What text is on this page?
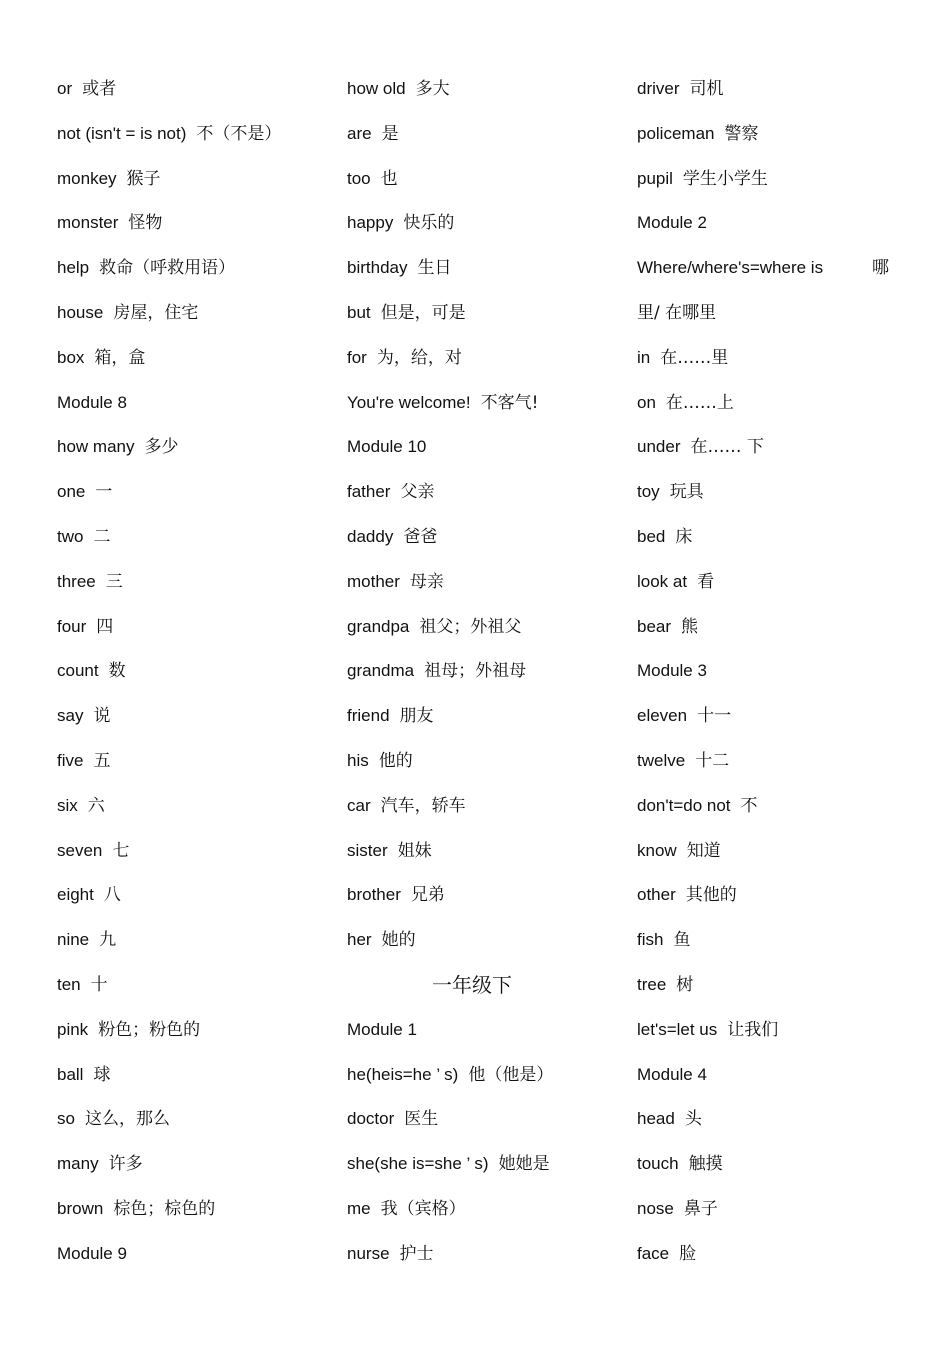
or 或者
not (isn't = is not) 不（不是）
monkey 猴子
monster 怪物
help 救命（呼救用语）
house 房屋，住宅
box 箱，盒
Module 8
how many 多少
one 一
two 二
three 三
four 四
count 数
say 说
five 五
six 六
seven 七
eight 八
nine 九
ten 十
pink 粉色；粉色的
ball 球
so 这么，那么
many 许多
brown 棕色；棕色的
Module 9
how old 多大
are 是
too 也
happy 快乐的
birthday 生日
but 但是，可是
for 为，给，对
You're welcome! 不客气!
Module 10
father 父亲
daddy 爸爸
mother 母亲
grandpa 祖父；外祖父
grandma 祖母；外祖母
friend 朋友
his 他的
car 汽车，轿车
sister 姐妹
brother 兄弟
her 她的
一年级下
Module 1
he(heis=he ’ s) 他（他是）
doctor 医生
she(she is=she ’ s) 她她是
me 我（宾格）
nurse 护士
driver 司机
policeman 警察
pupil 学生小学生
Module 2
Where/where's=where is	哪
里/ 在哪里
in 在……里
on 在……上
under 在…… 下
toy 玩具
bed 床
look at 看
bear 熊
Module 3
eleven 十一
twelve 十二
don't=do not 不
know 知道
other 其他的
fish 鱼
tree 树
let's=let us 让我们
Module 4
head 头
touch 触摸
nose 鼻子
face 脸
